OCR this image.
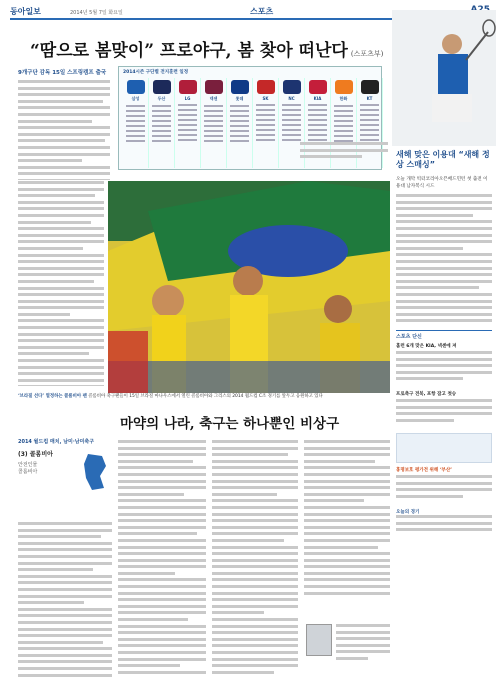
동아일보	2014년 5월 7일 화요일	스포츠
“땀으로 봄맞이” 프로야구, 봄 찾아 떠난다 (스포츠부)
9개구단 감독 15일 스프링캠프 출국	2014시즌 구단별 전지훈련 일정
삼성	두산	LG	넥센	롯데	SK	NC	KIA	한화	KT
‘브라질 선다’ 열정하는 콜롬비아 팬 콜롬비아 축구팬들이 15일 브라질 마나우스에서 열린 콜롬비아와 그리스의 2014 월드컵 C조 경기를 앞두고 응원하고 있다
마약의 나라, 축구는 하나뿐인 비상구
2014 월드컵 매치, 남미·남미축구
(3) 콜롬비아
안전인물
콜롬비아
새해 맞은 이용대 “새해 정상 스매싱”
오늘 개막 빅터코리아오픈배드민턴 첫 출전 이용대 남자복식 시드
스포츠 단신
홈런 6개 맞은 KIA, 넥센에 져
프로축구 전북, 포항 잡고 첫승
홍명보호 평가전 위해 ‘부산’
오늘의 경기
